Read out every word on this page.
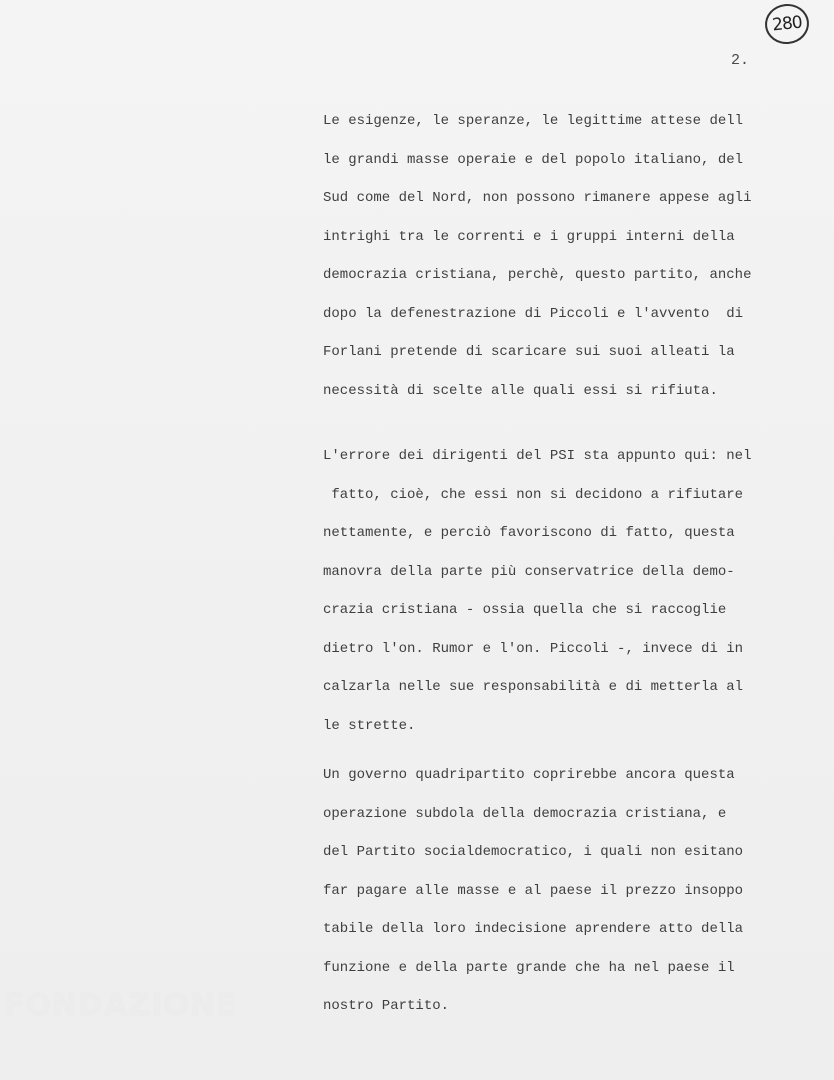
280
2.
Le esigenze, le speranze, le legittime attese dell
le grandi masse operaie e del popolo italiano, del
Sud come del Nord, non possono rimanere appese agli
intrighi tra le correnti e i gruppi interni della
democrazia cristiana, perchè, questo partito, anche
dopo la defenestrazione di Piccoli e l'avvento  di
Forlani pretende di scaricare sui suoi alleati la
necessità di scelte alle quali essi si rifiuta.
L'errore dei dirigenti del PSI sta appunto qui: nel
fatto, cioè, che essi non si decidono a rifiutare
nettamente, e perciò favoriscono di fatto, questa
manovra della parte più conservatrice della demo-
crazia cristiana - ossia quella che si raccoglie
dietro l'on. Rumor e l'on. Piccoli -, invece di in
calzarla nelle sue responsabilità e di metterla al
le strette.
Un governo quadripartito coprirebbe ancora questa
operazione subdola della democrazia cristiana, e
del Partito socialdemocratico, i quali non esitano
far pagare alle masse e al paese il prezzo insoppo
tabile della loro indecisione aprendere atto della
funzione e della parte grande che ha nel paese il
nostro Partito.
FONDAZIONE
